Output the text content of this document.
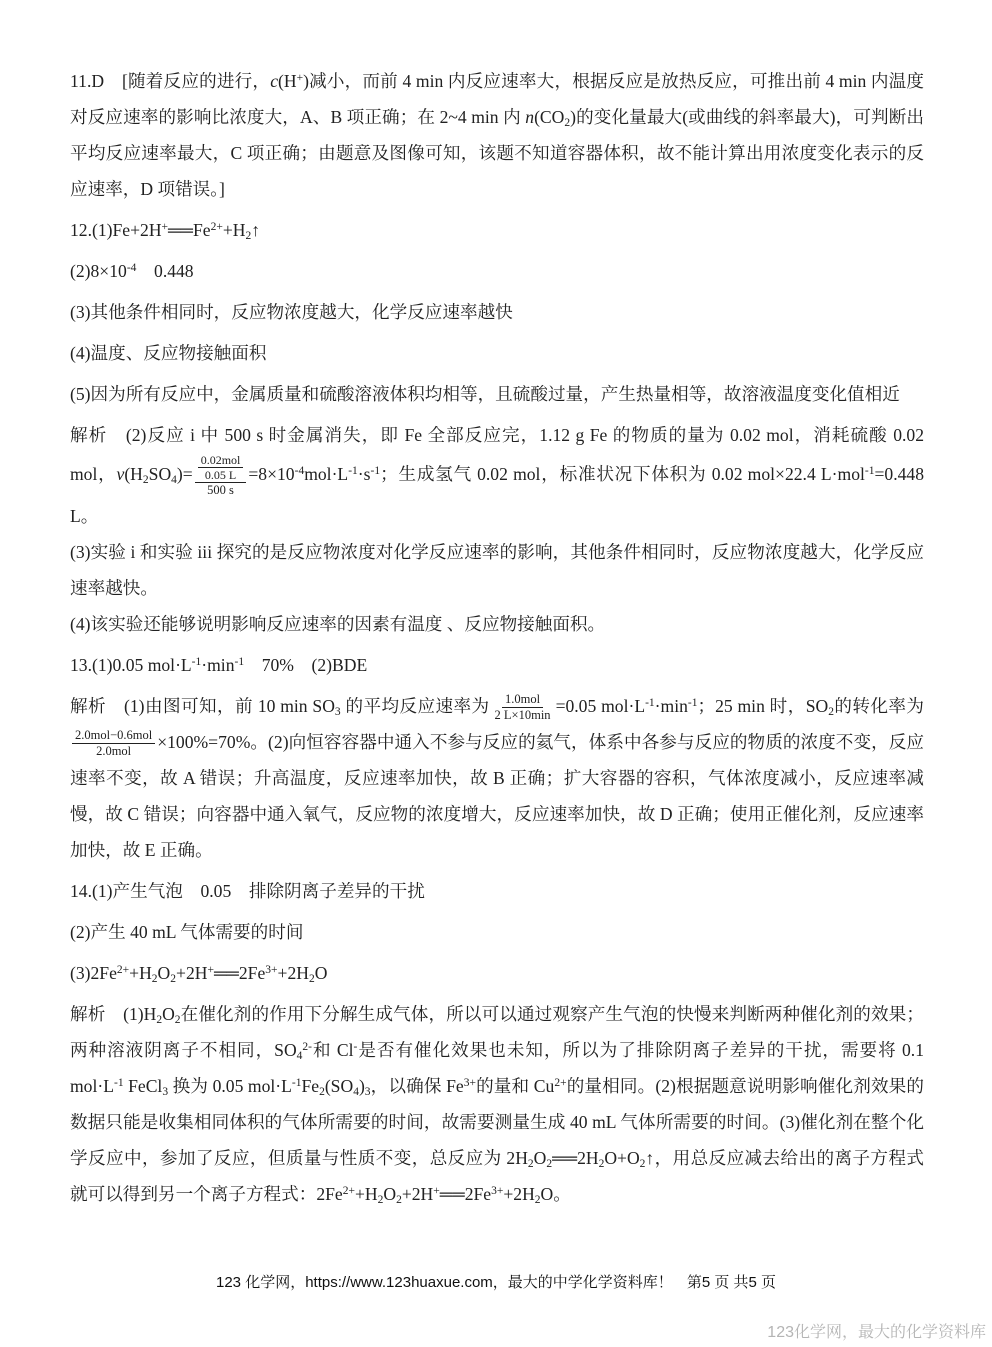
11.D　[随着反应的进行，c(H+)减小，而前 4 min 内反应速率大，根据反应是放热反应，可推出前 4 min 内温度对反应速率的影响比浓度大，A、B 项正确；在 2~4 min 内 $n(CO_2)$的变化量最大(或曲线的斜率最大)，可判断出平均反应速率最大，C 项正确；由题意及图像可知，该题不知道容器体积，故不能计算出用浓度变化表示的反应速率，D 项错误。]

$12.(1)Fe+2H^+══Fe^{2+}+H_2↑$

$(2)8\times 10^{-4}$　0.448

(3)其他条件相同时，反应物浓度越大，化学反应速率越快

(4)温度、反应物接触面积

(5)因为所有反应中，金属质量和硫酸溶液体积均相等，且硫酸过量，产生热量相等，故溶液温度变化值相近

解析　(2)反应 i 中 500 s 时金属消失，即 Fe 全部反应完，1.12 g Fe 的物质的量为 0.02 mol，消耗硫酸 0.02 mol，$v(H_2SO_4)= \frac{\frac{\text{0.02mol}}{0.05 L}}{500 s} =8\times 10^{-4}mol\cdot L^{-1}\cdot s^{-1}$；生成氢气 0.02 mol，标准状况下体积为 0.02 mol×22.4 L·mol$^{-1}$=0.448 L。

(3)实验 i 和实验 iii 探究的是反应物浓度对化学反应速率的影响，其他条件相同时，反应物浓度越大，化学反应速率越快。

(4)该实验还能够说明影响反应速率的因素有温度 、反应物接触面积。

13.(1)0.05 $mol\cdot L^{-1}\cdot\min^{-1}$　70%　(2)BDE

解析　(1)由图可知，前 10 $\min SO_3$ 的平均反应速率为 $\frac{\text{1.0mol}}{2 L\times 10\min} =0.05$ $mol\cdot L^{-1}\cdot\min^{-1}$；25 min 时，$SO_2$的转化率为
$\frac{\text{2.0mol−0.6mol}}{\text{2.0mol}} \times 100\%=70\%$。(2)向恒容容器中通入不参与反应的氦气，体系中各参与反应的物质的浓度不变，反应速率不变，故 A 错误；升高温度，反应速率加快，故 B 正确；扩大容器的容积，气体浓度减小，反应速率减慢，故 C 错误；向容器中通入氧气，反应物的浓度增大，反应速率加快，故 D 正确；使用正催化剂，反应速率加快，故 E 正确。

14.(1)产生气泡　0.05　排除阴离子差异的干扰

(2)产生 40 mL 气体需要的时间

$(3)2Fe^{2+}+H_2O_2+2H^+══2Fe^{3+}+2H_2O$

解析　$(1)H_2O_2$在催化剂的作用下分解生成气体，所以可以通过观察产生气泡的快慢来判断两种催化剂的效果；两种溶液阴离子不相同，$SO_4^{2-}$和 Cl-是否有催化效果也未知，所以为了排除阴离子差异的干扰，需要将 0.1 $mol\cdot L^{-1}$ FeCl$_3$ 换为 0.05 $mol\cdot L^{-1}Fe_2(SO_4)_3$，以确保 $Fe^{3+}$的量和 $Cu^{2+}$的量相同。(2)根据题意说明影响催化剂效果的数据只能是收集相同体积的气体所需要的时间，故需要测量生成 40 mL 气体所需要的时间。(3)催化剂在整个化学反应中，参加了反应，但质量与性质不变，总反应为 $2H_2O_2══2H_2O+O_2↑$，用总反应减去给出的离子方程式就可以得到另一个离子方程式：$2Fe^{2+}+H_2O_2+2H^+══2Fe^{3+}+2H_2O$。

123 化学网，https://www.123huaxue.com，最大的中学化学资料库！ 第5 页 共5 页
123化学网，最大的化学资料库
